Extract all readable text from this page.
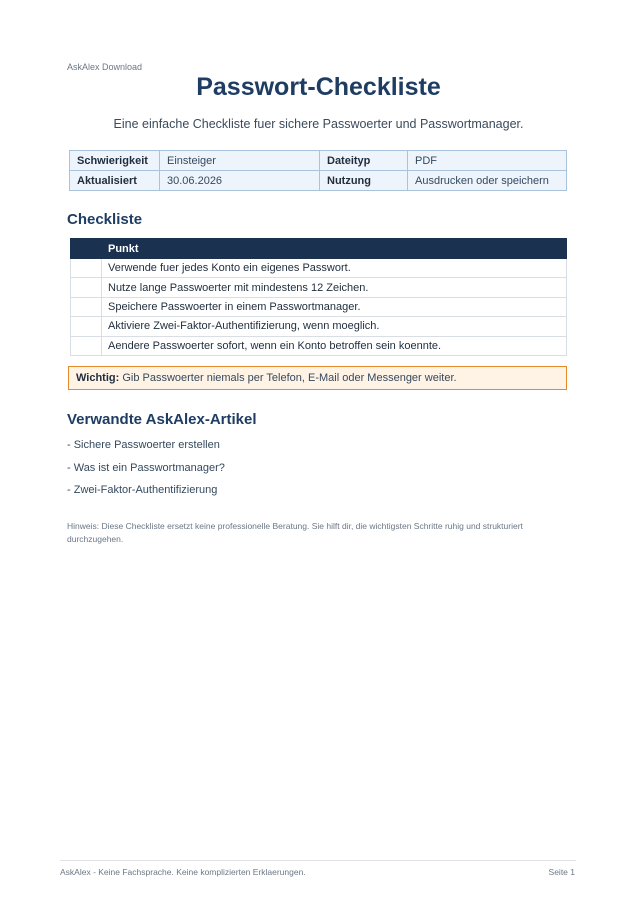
AskAlex Download
Passwort-Checkliste
Eine einfache Checkliste fuer sichere Passwoerter und Passwortmanager.
Schwierigkeit	Einsteiger	Dateityp	PDF
Aktualisiert	30.06.2026	Nutzung	Ausdrucken oder speichern
Checkliste
	Punkt
	Verwende fuer jedes Konto ein eigenes Passwort.
	Nutze lange Passwoerter mit mindestens 12 Zeichen.
	Speichere Passwoerter in einem Passwortmanager.
	Aktiviere Zwei-Faktor-Authentifizierung, wenn moeglich.
	Aendere Passwoerter sofort, wenn ein Konto betroffen sein koennte.
Wichtig: Gib Passwoerter niemals per Telefon, E-Mail oder Messenger weiter.
Verwandte AskAlex-Artikel
- Sichere Passwoerter erstellen
- Was ist ein Passwortmanager?
- Zwei-Faktor-Authentifizierung
Hinweis: Diese Checkliste ersetzt keine professionelle Beratung. Sie hilft dir, die wichtigsten Schritte ruhig und strukturiert durchzugehen.
AskAlex - Keine Fachsprache. Keine komplizierten Erklaerungen.	Seite 1
